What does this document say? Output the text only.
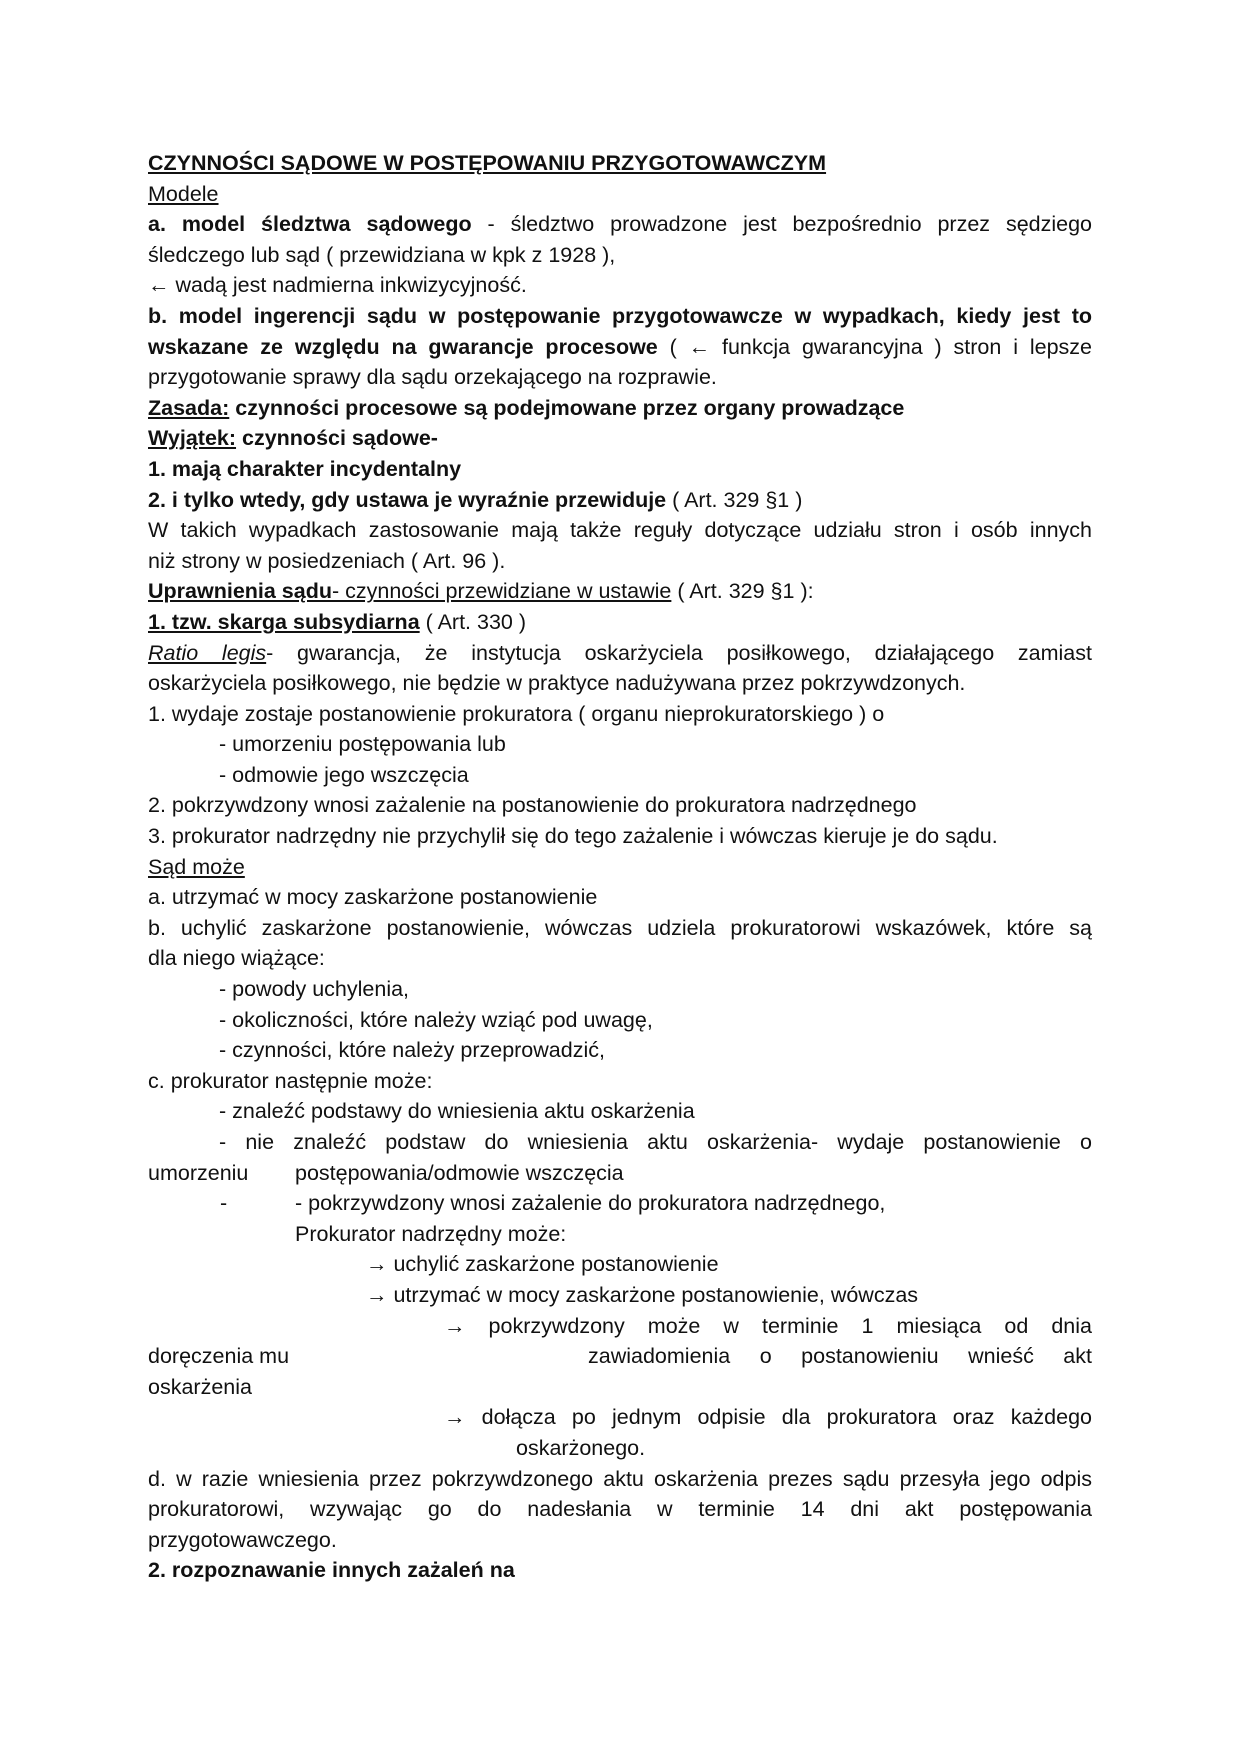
CZYNNOŚCI SĄDOWE W POSTĘPOWANIU PRZYGOTOWAWCZYM
Modele
a. model śledztwa sądowego - śledztwo prowadzone jest bezpośrednio przez sędziego
śledczego lub sąd ( przewidziana w kpk z 1928 ),
← wadą jest nadmierna inkwizycyjność.
b. model ingerencji sądu w postępowanie przygotowawcze w wypadkach, kiedy jest to
wskazane ze względu na gwarancje procesowe ( ← funkcja gwarancyjna ) stron i lepsze
przygotowanie sprawy dla sądu orzekającego na rozprawie.
Zasada: czynności procesowe są podejmowane przez organy prowadzące
Wyjątek: czynności sądowe-
1. mają charakter incydentalny
2. i tylko wtedy, gdy ustawa je wyraźnie przewiduje ( Art. 329 §1 )
W takich wypadkach zastosowanie mają także reguły dotyczące udziału stron i osób innych
niż strony w posiedzeniach ( Art. 96 ).
Uprawnienia sądu- czynności przewidziane w ustawie ( Art. 329 §1 ):
1. tzw. skarga subsydiarna ( Art. 330 )
Ratio legis- gwarancja, że instytucja oskarżyciela posiłkowego, działającego zamiast
oskarżyciela posiłkowego, nie będzie w praktyce nadużywana przez pokrzywdzonych.
1. wydaje zostaje postanowienie prokuratora ( organu nieprokuratorskiego ) o
- umorzeniu postępowania lub
- odmowie jego wszczęcia
2. pokrzywdzony wnosi zażalenie na postanowienie do prokuratora nadrzędnego
3. prokurator nadrzędny nie przychylił się do tego zażalenie i wówczas kieruje je do sądu.
Sąd może
a. utrzymać w mocy zaskarżone postanowienie
b. uchylić zaskarżone postanowienie, wówczas udziela prokuratorowi wskazówek, które są
dla niego wiążące:
- powody uchylenia,
- okoliczności, które należy wziąć pod uwagę,
- czynności, które należy przeprowadzić,
c. prokurator następnie może:
- znaleźć podstawy do wniesienia aktu oskarżenia
- nie znaleźć podstaw do wniesienia aktu oskarżenia- wydaje postanowienie o
umorzeniu	postępowania/odmowie wszczęcia
-	- pokrzywdzony wnosi zażalenie do prokuratora nadrzędnego,
Prokurator nadrzędny może:
→ uchylić zaskarżone postanowienie
→ utrzymać w mocy zaskarżone postanowienie, wówczas
→ pokrzywdzony może w terminie 1 miesiąca od dnia
doręczenia mu	zawiadomienia o postanowieniu wnieść akt
oskarżenia
→ dołącza po jednym odpisie dla prokuratora oraz każdego
oskarżonego.
d. w razie wniesienia przez pokrzywdzonego aktu oskarżenia prezes sądu przesyła jego odpis
prokuratorowi, wzywając go do nadesłania w terminie 14 dni akt postępowania
przygotowawczego.
2. rozpoznawanie innych zażaleń na
